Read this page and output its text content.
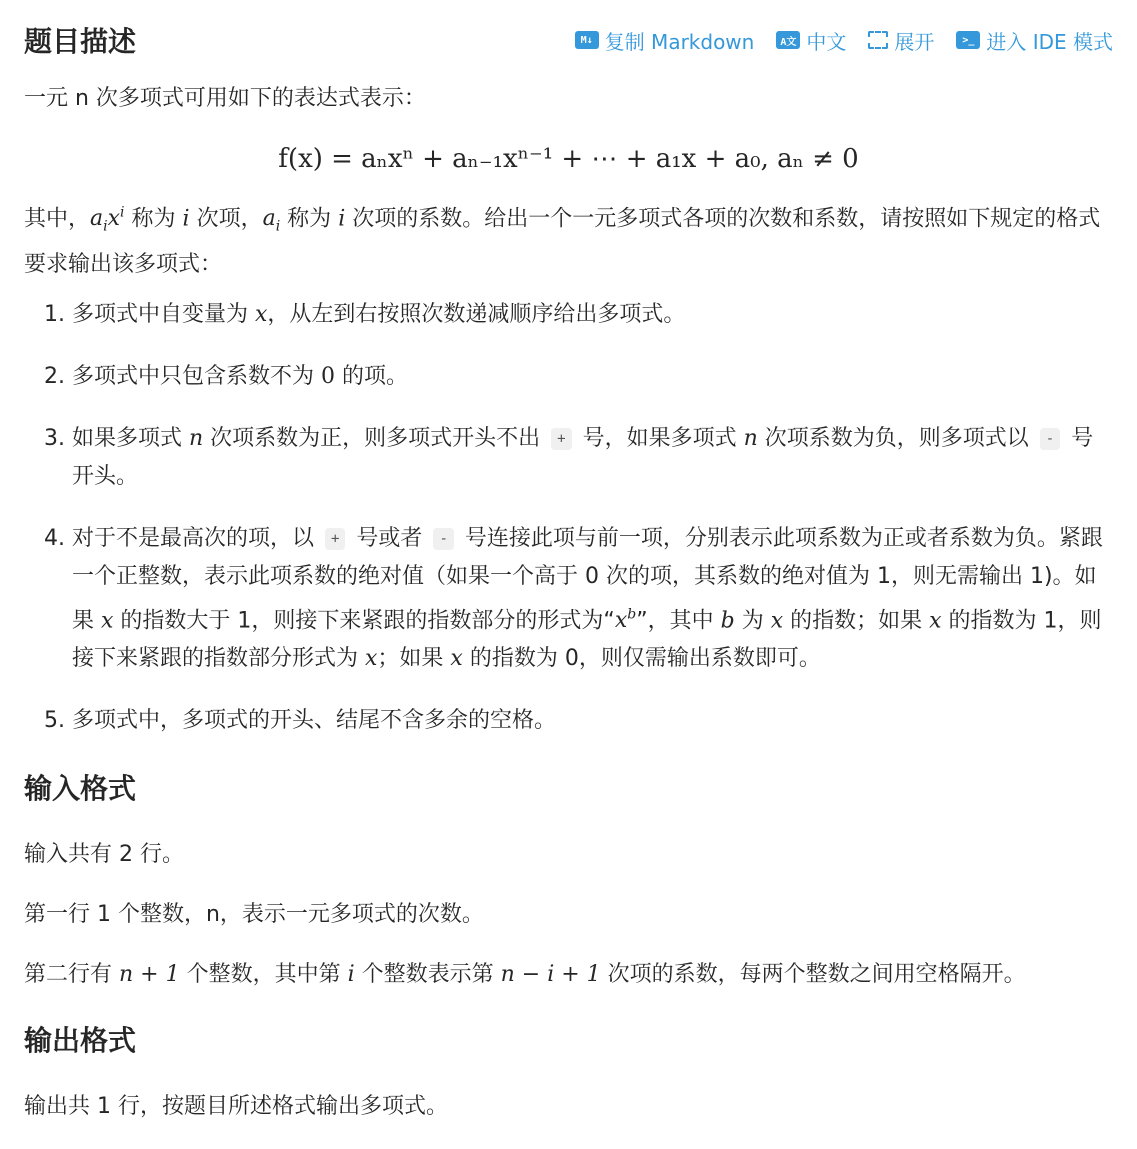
题目描述	M↓ 复制 Markdown	A文 中文 展开	>_ 进入 IDE 模式

一元 n 次多项式可用如下的表达式表示：

f(x) = aₙxⁿ + aₙ₋₁xⁿ⁻¹ + ⋯ + a₁x + a₀, aₙ ≠ 0

其中，$a_ix^i$ 称为 i 次项，$a_i$ 称为 i 次项的系数。给出一个一元多项式各项的次数和系数，请按照如下规定的格式要求输出该多项式：

1. 多项式中自变量为 x，从左到右按照次数递减顺序给出多项式。
2. 多项式中只包含系数不为 0 的项。
3. 如果多项式 n 次项系数为正，则多项式开头不出 + 号，如果多项式 n 次项系数为负，则多项式以 - 号开头。
4. 对于不是最高次的项，以 + 号或者 - 号连接此项与前一项，分别表示此项系数为正或者系数为负。紧跟一个正整数，表示此项系数的绝对值（如果一个高于 0 次的项，其系数的绝对值为 1，则无需输出 1)。如果 x 的指数大于 1，则接下来紧跟的指数部分的形式为“$x^b$”，其中 b 为 x 的指数；如果 x 的指数为 1，则接下来紧跟的指数部分形式为 x；如果 x 的指数为 0，则仅需输出系数即可。
5. 多项式中，多项式的开头、结尾不含多余的空格。
输入格式

输入共有 2 行。

第一行 1 个整数，n，表示一元多项式的次数。

第二行有 n + 1 个整数，其中第 i 个整数表示第 n − i + 1 次项的系数，每两个整数之间用空格隔开。

输出格式

输出共 1 行，按题目所述格式输出多项式。
